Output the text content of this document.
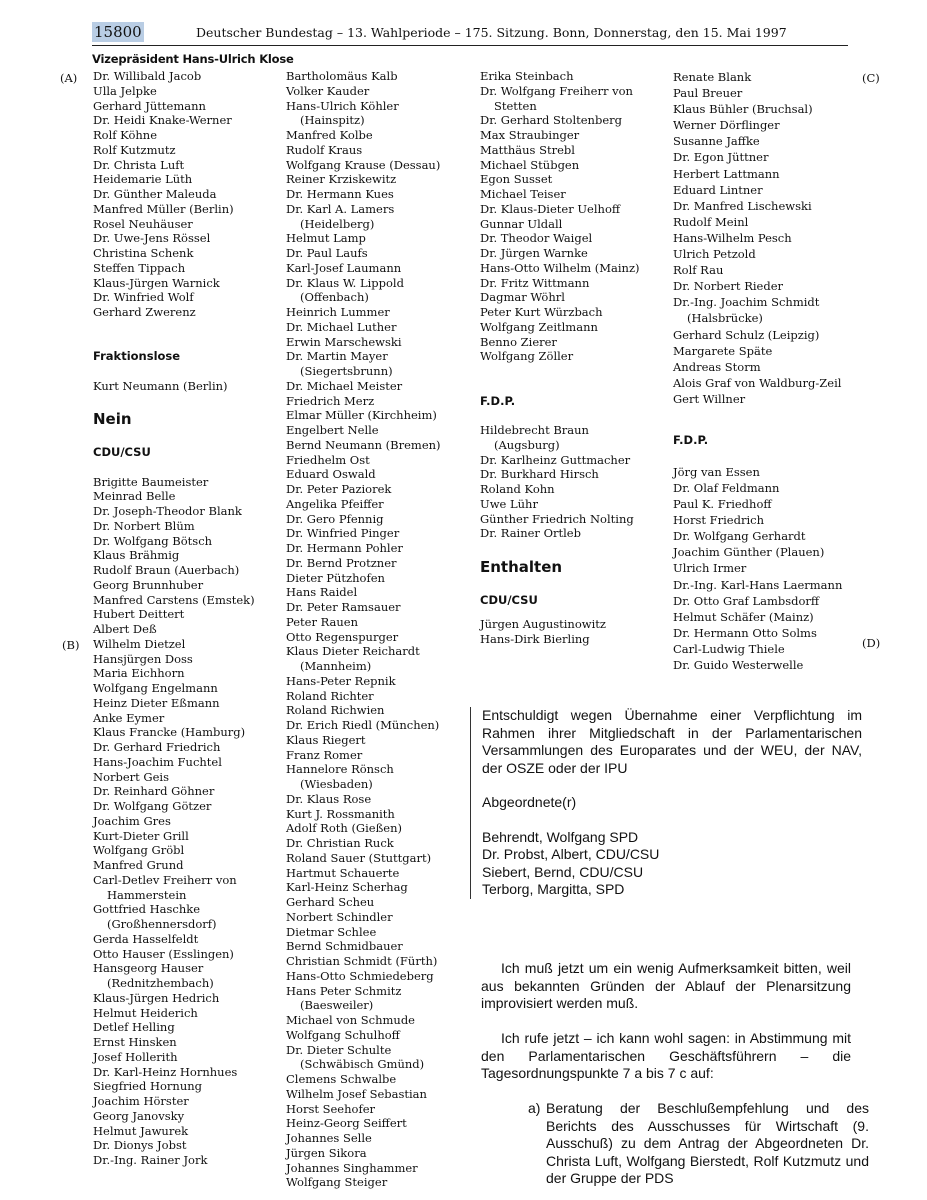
15800	Deutscher Bundestag – 13. Wahlperiode – 175. Sitzung. Bonn, Donnerstag, den 15. Mai 1997
Vizepräsident Hans-Ulrich Klose
(A)
(B)
(C)
(D)
Dr. Willibald Jacob
Ulla Jelpke
Gerhard Jüttemann
Dr. Heidi Knake-Werner
Rolf Köhne
Rolf Kutzmutz
Dr. Christa Luft
Heidemarie Lüth
Dr. Günther Maleuda
Manfred Müller (Berlin)
Rosel Neuhäuser
Dr. Uwe-Jens Rössel
Christina Schenk
Steffen Tippach
Klaus-Jürgen Warnick
Dr. Winfried Wolf
Gerhard Zwerenz
Fraktionslose
Kurt Neumann (Berlin)
Nein
CDU/CSU
Brigitte Baumeister
Meinrad Belle
Dr. Joseph-Theodor Blank
Dr. Norbert Blüm
Dr. Wolfgang Bötsch
Klaus Brähmig
Rudolf Braun (Auerbach)
Georg Brunnhuber
Manfred Carstens (Emstek)
Hubert Deittert
Albert Deß
Wilhelm Dietzel
Hansjürgen Doss
Maria Eichhorn
Wolfgang Engelmann
Heinz Dieter Eßmann
Anke Eymer
Klaus Francke (Hamburg)
Dr. Gerhard Friedrich
Hans-Joachim Fuchtel
Norbert Geis
Dr. Reinhard Göhner
Dr. Wolfgang Götzer
Joachim Gres
Kurt-Dieter Grill
Wolfgang Gröbl
Manfred Grund
Carl-Detlev Freiherr von
Hammerstein
Gottfried Haschke
(Großhennersdorf)
Gerda Hasselfeldt
Otto Hauser (Esslingen)
Hansgeorg Hauser
(Rednitzhembach)
Klaus-Jürgen Hedrich
Helmut Heiderich
Detlef Helling
Ernst Hinsken
Josef Hollerith
Dr. Karl-Heinz Hornhues
Siegfried Hornung
Joachim Hörster
Georg Janovsky
Helmut Jawurek
Dr. Dionys Jobst
Dr.-Ing. Rainer Jork
Bartholomäus Kalb
Volker Kauder
Hans-Ulrich Köhler
(Hainspitz)
Manfred Kolbe
Rudolf Kraus
Wolfgang Krause (Dessau)
Reiner Krziskewitz
Dr. Hermann Kues
Dr. Karl A. Lamers
(Heidelberg)
Helmut Lamp
Dr. Paul Laufs
Karl-Josef Laumann
Dr. Klaus W. Lippold
(Offenbach)
Heinrich Lummer
Dr. Michael Luther
Erwin Marschewski
Dr. Martin Mayer
(Siegertsbrunn)
Dr. Michael Meister
Friedrich Merz
Elmar Müller (Kirchheim)
Engelbert Nelle
Bernd Neumann (Bremen)
Friedhelm Ost
Eduard Oswald
Dr. Peter Paziorek
Angelika Pfeiffer
Dr. Gero Pfennig
Dr. Winfried Pinger
Dr. Hermann Pohler
Dr. Bernd Protzner
Dieter Pützhofen
Hans Raidel
Dr. Peter Ramsauer
Peter Rauen
Otto Regenspurger
Klaus Dieter Reichardt
(Mannheim)
Hans-Peter Repnik
Roland Richter
Roland Richwien
Dr. Erich Riedl (München)
Klaus Riegert
Franz Romer
Hannelore Rönsch
(Wiesbaden)
Dr. Klaus Rose
Kurt J. Rossmanith
Adolf Roth (Gießen)
Dr. Christian Ruck
Roland Sauer (Stuttgart)
Hartmut Schauerte
Karl-Heinz Scherhag
Gerhard Scheu
Norbert Schindler
Dietmar Schlee
Bernd Schmidbauer
Christian Schmidt (Fürth)
Hans-Otto Schmiedeberg
Hans Peter Schmitz
(Baesweiler)
Michael von Schmude
Wolfgang Schulhoff
Dr. Dieter Schulte
(Schwäbisch Gmünd)
Clemens Schwalbe
Wilhelm Josef Sebastian
Horst Seehofer
Heinz-Georg Seiffert
Johannes Selle
Jürgen Sikora
Johannes Singhammer
Wolfgang Steiger
Erika Steinbach
Dr. Wolfgang Freiherr von
Stetten
Dr. Gerhard Stoltenberg
Max Straubinger
Matthäus Strebl
Michael Stübgen
Egon Susset
Michael Teiser
Dr. Klaus-Dieter Uelhoff
Gunnar Uldall
Dr. Theodor Waigel
Dr. Jürgen Warnke
Hans-Otto Wilhelm (Mainz)
Dr. Fritz Wittmann
Dagmar Wöhrl
Peter Kurt Würzbach
Wolfgang Zeitlmann
Benno Zierer
Wolfgang Zöller
F.D.P.
Hildebrecht Braun
(Augsburg)
Dr. Karlheinz Guttmacher
Dr. Burkhard Hirsch
Roland Kohn
Uwe Lühr
Günther Friedrich Nolting
Dr. Rainer Ortleb
Enthalten
CDU/CSU
Jürgen Augustinowitz
Hans-Dirk Bierling
Renate Blank
Paul Breuer
Klaus Bühler (Bruchsal)
Werner Dörflinger
Susanne Jaffke
Dr. Egon Jüttner
Herbert Lattmann
Eduard Lintner
Dr. Manfred Lischewski
Rudolf Meinl
Hans-Wilhelm Pesch
Ulrich Petzold
Rolf Rau
Dr. Norbert Rieder
Dr.-Ing. Joachim Schmidt
(Halsbrücke)
Gerhard Schulz (Leipzig)
Margarete Späte
Andreas Storm
Alois Graf von Waldburg-Zeil
Gert Willner
F.D.P.
Jörg van Essen
Dr. Olaf Feldmann
Paul K. Friedhoff
Horst Friedrich
Dr. Wolfgang Gerhardt
Joachim Günther (Plauen)
Ulrich Irmer
Dr.-Ing. Karl-Hans Laermann
Dr. Otto Graf Lambsdorff
Helmut Schäfer (Mainz)
Dr. Hermann Otto Solms
Carl-Ludwig Thiele
Dr. Guido Westerwelle
Entschuldigt wegen Übernahme einer Verpflichtung im Rahmen ihrer Mitgliedschaft in der Parlamentarischen Versammlungen des Europarates und der WEU, der NAV, der OSZE oder der IPU
Abgeordnete(r)
Behrendt, Wolfgang SPD
Dr. Probst, Albert, CDU/CSU
Siebert, Bernd, CDU/CSU
Terborg, Margitta, SPD
Ich muß jetzt um ein wenig Aufmerksamkeit bitten, weil aus bekannten Gründen der Ablauf der Plenarsitzung improvisiert werden muß.
Ich rufe jetzt – ich kann wohl sagen: in Abstimmung mit den Parlamentarischen Geschäftsführern – die Tagesordnungspunkte 7 a bis 7 c auf:
a) Beratung der Beschlußempfehlung und des Berichts des Ausschusses für Wirtschaft (9. Ausschuß) zu dem Antrag der Abgeordneten Dr. Christa Luft, Wolfgang Bierstedt, Rolf Kutzmutz und der Gruppe der PDS
